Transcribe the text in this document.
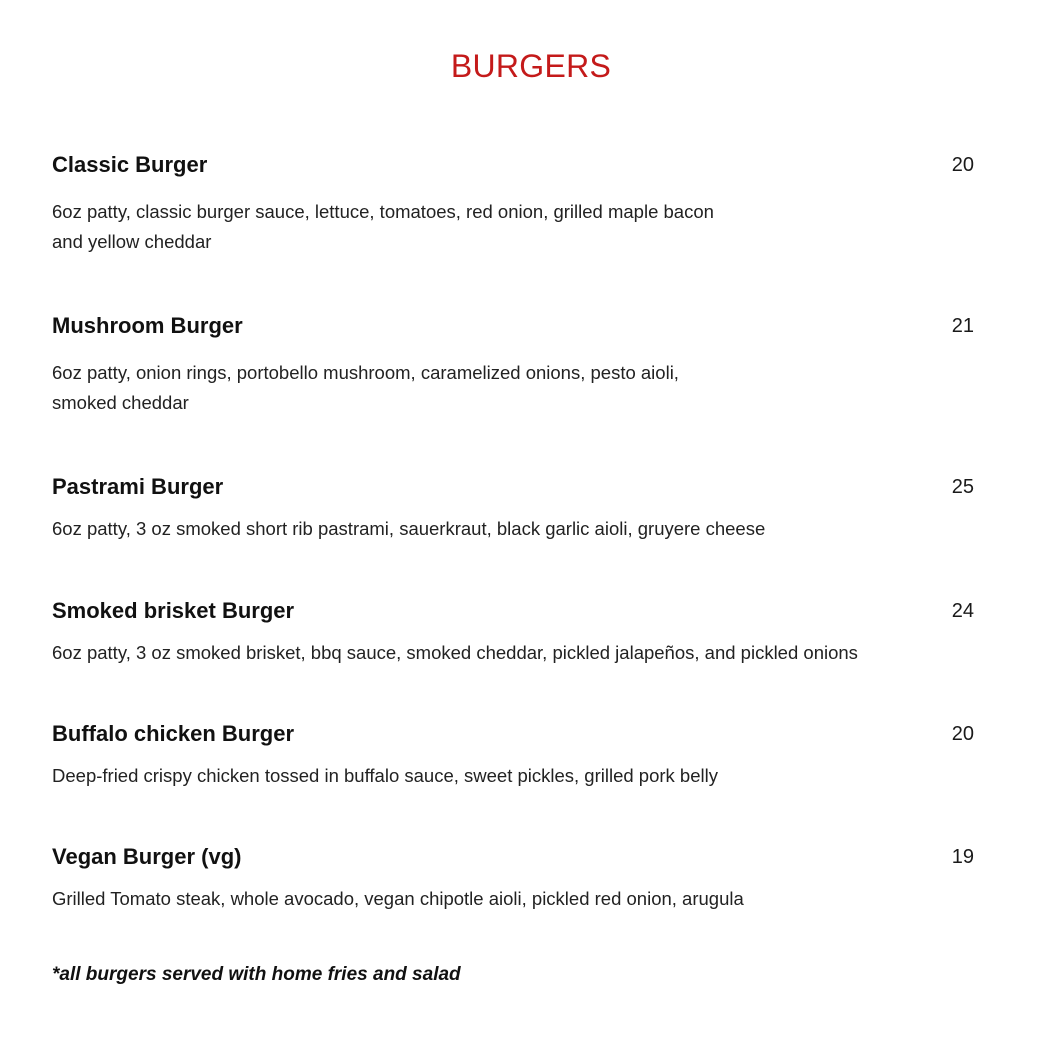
BURGERS
Classic Burger	20
6oz patty, classic burger sauce, lettuce, tomatoes, red onion, grilled maple bacon
and yellow cheddar
Mushroom Burger	21
6oz patty, onion rings, portobello mushroom, caramelized onions, pesto aioli,
smoked cheddar
Pastrami Burger	25
6oz patty, 3 oz smoked short rib pastrami, sauerkraut, black garlic aioli, gruyere cheese
Smoked brisket Burger	24
6oz patty, 3 oz smoked brisket, bbq sauce, smoked cheddar, pickled jalapeños, and pickled onions
Buffalo chicken Burger	20
Deep-fried crispy chicken tossed in buffalo sauce, sweet pickles, grilled pork belly
Vegan Burger (vg)	19
Grilled Tomato steak, whole avocado, vegan chipotle aioli, pickled red onion, arugula
*all burgers served with home fries and salad
